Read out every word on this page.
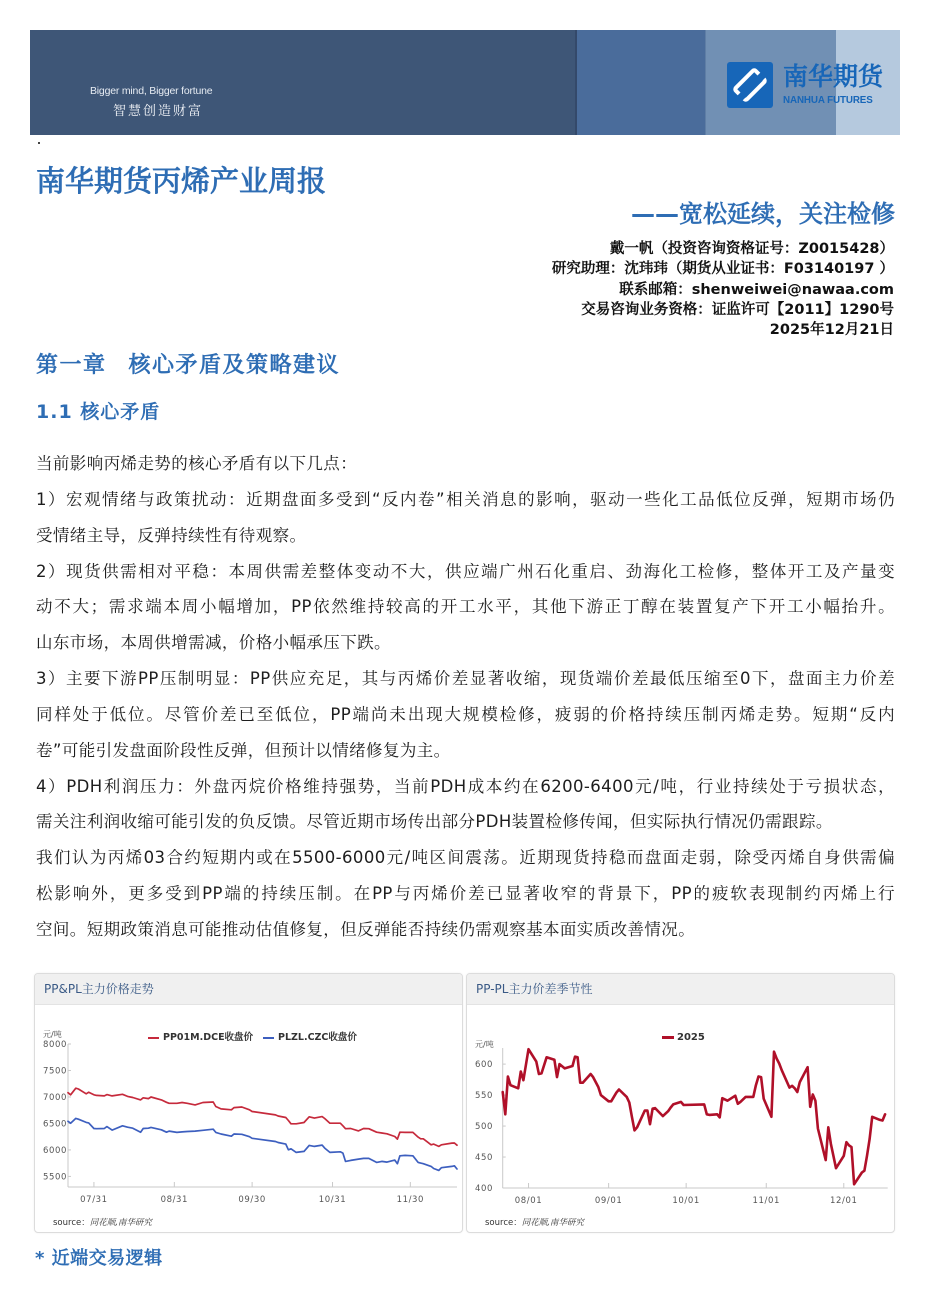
Bigger mind, Bigger fortune
智慧创造财富
南华期货
NANHUA FUTURES
南华期货丙烯产业周报
——宽松延续，关注检修
戴一帆（投资咨询资格证号：Z0015428）
研究助理：沈玮玮（期货从业证书：F03140197 ）
联系邮箱：shenweiwei@nawaa.com
交易咨询业务资格：证监许可【2011】1290号
2025年12月21日
第一章 核心矛盾及策略建议
1.1 核心矛盾
当前影响丙烯走势的核心矛盾有以下几点：
1）宏观情绪与政策扰动：近期盘面多受到“反内卷”相关消息的影响，驱动一些化工品低位反弹，短期市场仍
受情绪主导，反弹持续性有待观察。
2）现货供需相对平稳：本周供需差整体变动不大，供应端广州石化重启、劲海化工检修，整体开工及产量变
动不大；需求端本周小幅增加，PP依然维持较高的开工水平，其他下游正丁醇在装置复产下开工小幅抬升。
山东市场，本周供增需减，价格小幅承压下跌。
3）主要下游PP压制明显：PP供应充足，其与丙烯价差显著收缩，现货端价差最低压缩至0下，盘面主力价差
同样处于低位。尽管价差已至低位，PP端尚未出现大规模检修，疲弱的价格持续压制丙烯走势。短期“反内
卷”可能引发盘面阶段性反弹，但预计以情绪修复为主。
4）PDH利润压力：外盘丙烷价格维持强势，当前PDH成本约在6200-6400元/吨，行业持续处于亏损状态，
需关注利润收缩可能引发的负反馈。尽管近期市场传出部分PDH装置检修传闻，但实际执行情况仍需跟踪。
我们认为丙烯03合约短期内或在5500-6000元/吨区间震荡。近期现货持稳而盘面走弱，除受丙烯自身供需偏
松影响外，更多受到PP端的持续压制。在PP与丙烯价差已显著收窄的背景下，PP的疲软表现制约丙烯上行
空间。短期政策消息可能推动估值修复，但反弹能否持续仍需观察基本面实质改善情况。
PP&PL主力价格走势
元/吨	PP01M.DCE收盘价	PLZL.CZC收盘价
5500
6000
6500
7000
7500
8000
07/31	08/31	09/30	10/31	11/30
source：同花顺,南华研究
PP-PL主力价差季节性
元/吨
2025
400
450
500
550
600
08/01	09/01	10/01	11/01	12/01
source：同花顺,南华研究
* 近端交易逻辑
